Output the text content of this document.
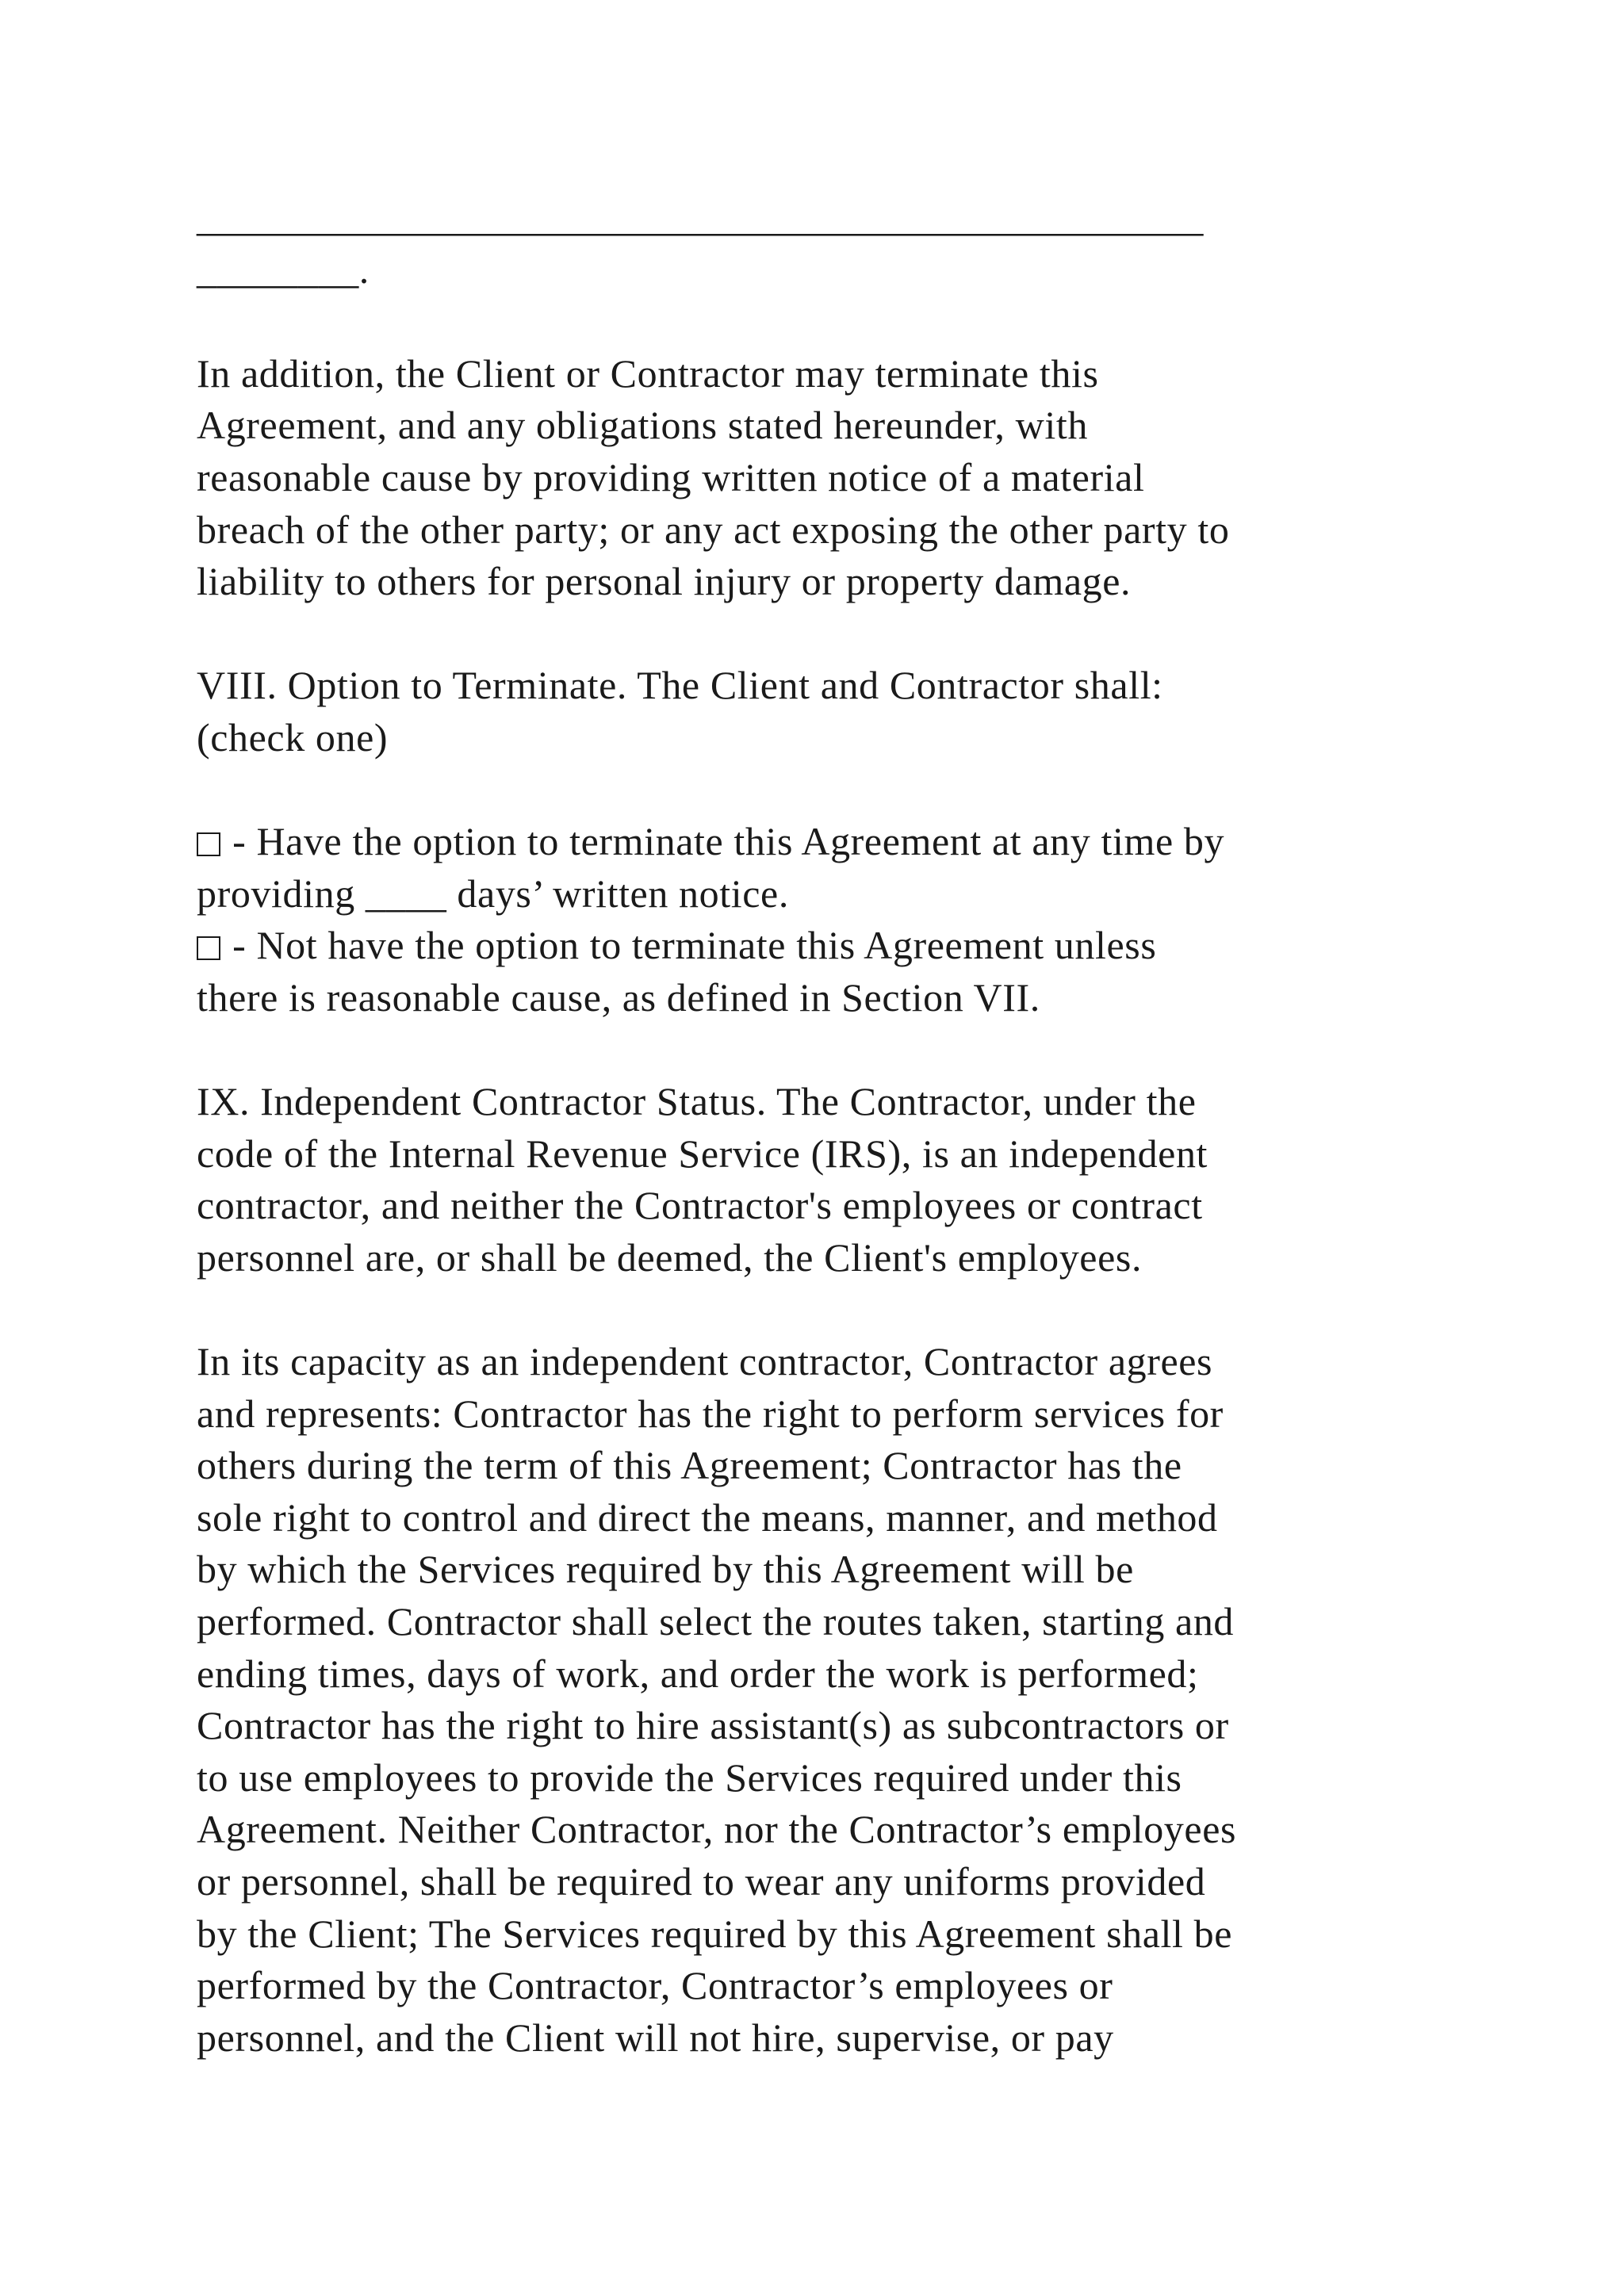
____________________________________________________
________.
In addition, the Client or Contractor may terminate this
Agreement, and any obligations stated hereunder, with
reasonable cause by providing written notice of a material
breach of the other party; or any act exposing the other party to
liability to others for personal injury or property damage.
VIII. Option to Terminate. The Client and Contractor shall:
(check one)
- Have the option to terminate this Agreement at any time by
providing ____ days’ written notice.
- Not have the option to terminate this Agreement unless
there is reasonable cause, as defined in Section VII.
IX. Independent Contractor Status. The Contractor, under the
code of the Internal Revenue Service (IRS), is an independent
contractor, and neither the Contractor's employees or contract
personnel are, or shall be deemed, the Client's employees.
In its capacity as an independent contractor, Contractor agrees
and represents: Contractor has the right to perform services for
others during the term of this Agreement; Contractor has the
sole right to control and direct the means, manner, and method
by which the Services required by this Agreement will be
performed. Contractor shall select the routes taken, starting and
ending times, days of work, and order the work is performed;
Contractor has the right to hire assistant(s) as subcontractors or
to use employees to provide the Services required under this
Agreement. Neither Contractor, nor the Contractor’s employees
or personnel, shall be required to wear any uniforms provided
by the Client; The Services required by this Agreement shall be
performed by the Contractor, Contractor’s employees or
personnel, and the Client will not hire, supervise, or pay
